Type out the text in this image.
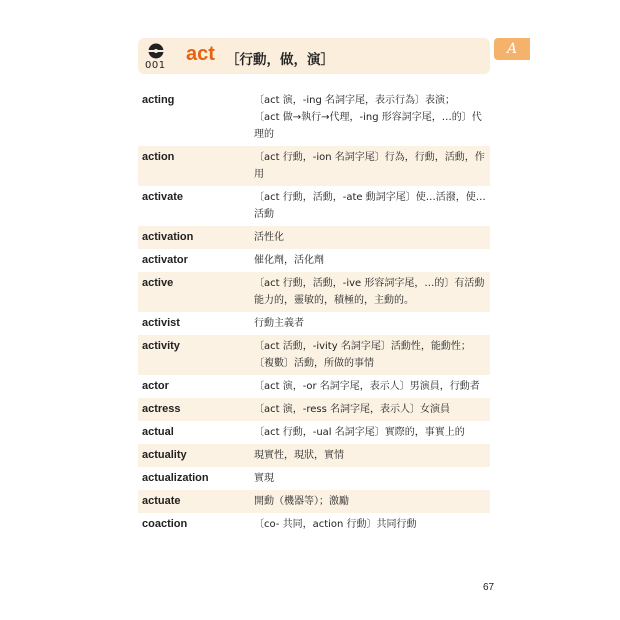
001
act ［行動，做，演］
A
acting	〔act 演，-ing 名詞字尾，表示行為〕表演；
〔act 做→執行→代理，-ing 形容詞字尾，…的〕代理的
action	〔act 行動，-ion 名詞字尾〕行為，行動，活動，作用
activate	〔act 行動，活動，-ate 動詞字尾〕使…活潑，使…活動
activation	活性化
activator	催化劑，活化劑
active	〔act 行動，活動，-ive 形容詞字尾，…的〕有活動能力的，靈敏的，積極的，主動的。
activist	行動主義者
activity	〔act 活動，-ivity 名詞字尾〕活動性，能動性；
〔複數〕活動，所做的事情
actor	〔act 演，-or 名詞字尾，表示人〕男演員，行動者
actress	〔act 演，-ress 名詞字尾，表示人〕女演員
actual	〔act 行動，-ual 名詞字尾〕實際的，事實上的
actuality	現實性，現狀，實情
actualization	實現
actuate	開動（機器等）；激勵
coaction	〔co- 共同，action 行動〕共同行動
67
